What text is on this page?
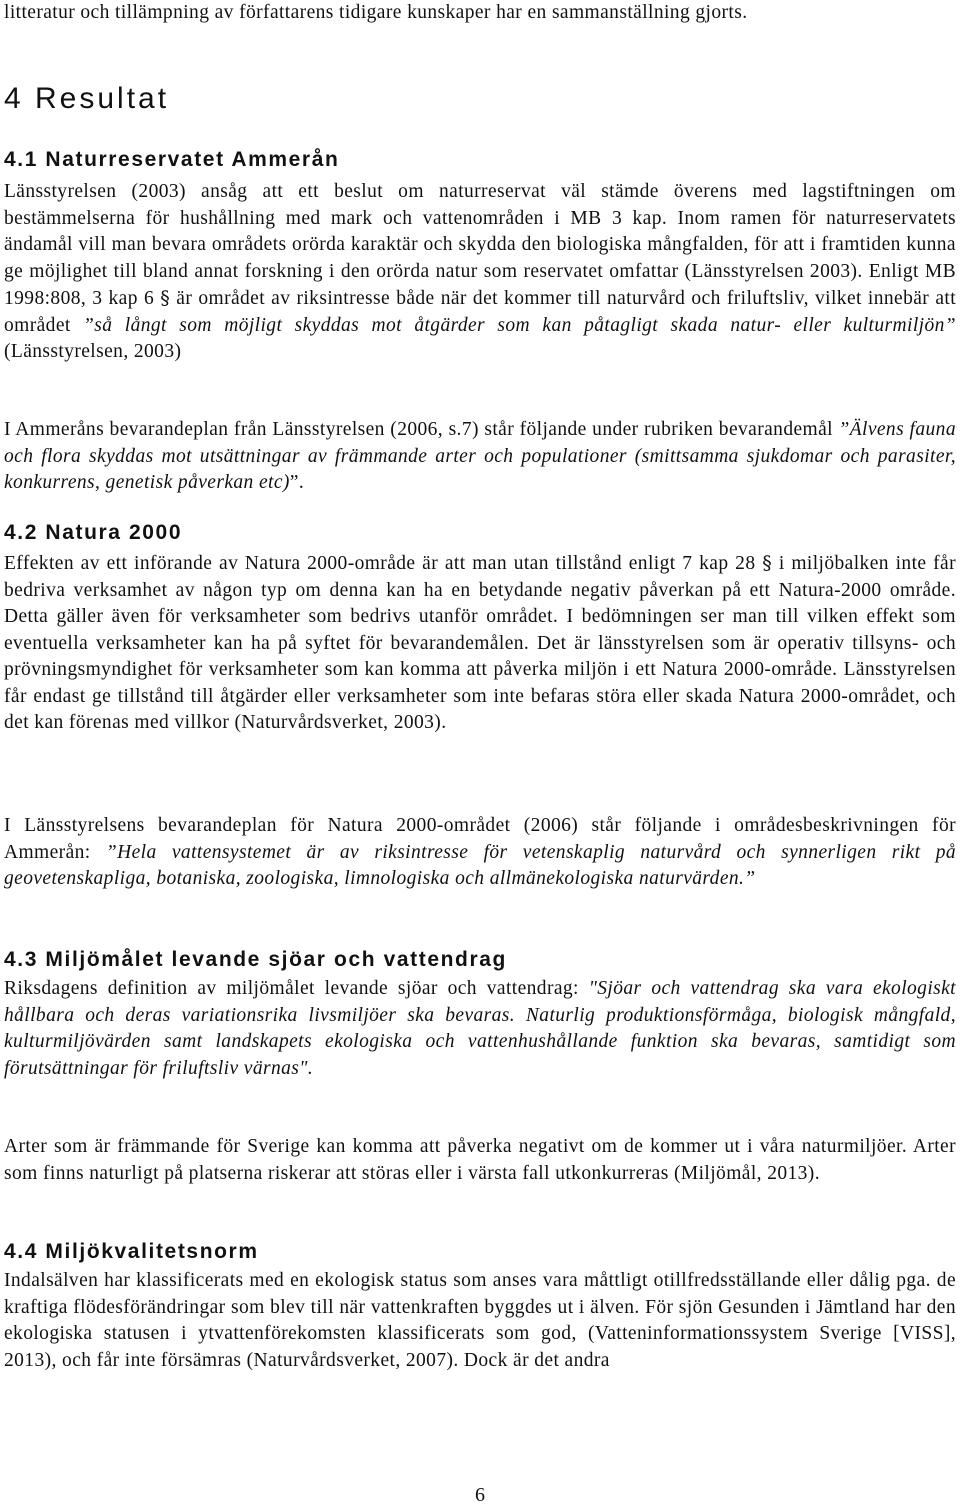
litteratur och tillämpning av författarens tidigare kunskaper har en sammanställning gjorts.

4 Resultat
4.1 Naturreservatet Ammerån

Länsstyrelsen (2003) ansåg att ett beslut om naturreservat väl stämde överens med lagstiftningen om bestämmelserna för hushållning med mark och vattenområden i MB 3 kap. Inom ramen för naturreservatets ändamål vill man bevara områdets orörda karaktär och skydda den biologiska mångfalden, för att i framtiden kunna ge möjlighet till bland annat forskning i den orörda natur som reservatet omfattar (Länsstyrelsen 2003). Enligt MB 1998:808, 3 kap 6 § är området av riksintresse både när det kommer till naturvård och friluftsliv, vilket innebär att området ”så långt som möjligt skyddas mot åtgärder som kan påtagligt skada natur- eller kulturmiljön” (Länsstyrelsen, 2003)

I Ammeråns bevarandeplan från Länsstyrelsen (2006, s.7) står följande under rubriken bevarandemål ”Älvens fauna och flora skyddas mot utsättningar av främmande arter och populationer (smittsamma sjukdomar och parasiter, konkurrens, genetisk påverkan etc)”.

4.2 Natura 2000

Effekten av ett införande av Natura 2000-område är att man utan tillstånd enligt 7 kap 28 § i miljöbalken inte får bedriva verksamhet av någon typ om denna kan ha en betydande negativ påverkan på ett Natura-2000 område. Detta gäller även för verksamheter som bedrivs utanför området. I bedömningen ser man till vilken effekt som eventuella verksamheter kan ha på syftet för bevarandemålen. Det är länsstyrelsen som är operativ tillsyns- och prövningsmyndighet för verksamheter som kan komma att påverka miljön i ett Natura 2000-område. Länsstyrelsen får endast ge tillstånd till åtgärder eller verksamheter som inte befaras störa eller skada Natura 2000-området, och det kan förenas med villkor (Naturvårdsverket, 2003).

I Länsstyrelsens bevarandeplan för Natura 2000-området (2006) står följande i områdesbeskrivningen för Ammerån: ”Hela vattensystemet är av riksintresse för vetenskaplig naturvård och synnerligen rikt på geovetenskapliga, botaniska, zoologiska, limnologiska och allmänekologiska naturvärden.”

4.3 Miljömålet levande sjöar och vattendrag

Riksdagens definition av miljömålet levande sjöar och vattendrag: "Sjöar och vattendrag ska vara ekologiskt hållbara och deras variationsrika livsmiljöer ska bevaras. Naturlig produktionsförmåga, biologisk mångfald, kulturmiljövärden samt landskapets ekologiska och vattenhushållande funktion ska bevaras, samtidigt som förutsättningar för friluftsliv värnas".

Arter som är främmande för Sverige kan komma att påverka negativt om de kommer ut i våra naturmiljöer. Arter som finns naturligt på platserna riskerar att störas eller i värsta fall utkonkurreras (Miljömål, 2013).

4.4 Miljökvalitetsnorm

Indalsälven har klassificerats med en ekologisk status som anses vara måttligt otillfredsställande eller dålig pga. de kraftiga flödesförändringar som blev till när vattenkraften byggdes ut i älven. För sjön Gesunden i Jämtland har den ekologiska statusen i ytvattenförekomsten klassificerats som god, (Vatteninformationssystem Sverige [VISS], 2013), och får inte försämras (Naturvårdsverket, 2007). Dock är det andra

6
